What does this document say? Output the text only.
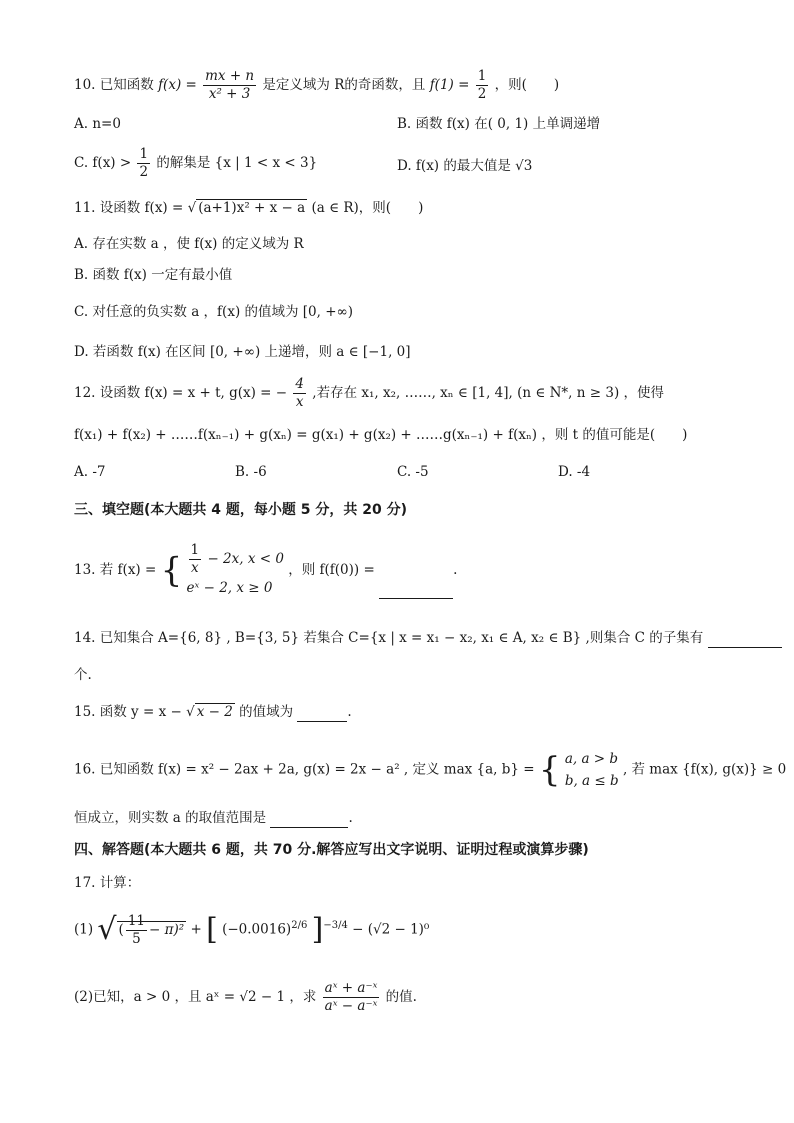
10. 已知函数 $f(x) = \frac{mx + n}{\text{x² + 3}}$ 是定义域为 R的奇函数，且 $f(1) = \frac{1}{2}$ ，则(　　)
A. n=0	B. 函数 f(x) 在( 0, 1) 上单调递增
C. $f(x) > \frac{1}{2}$ 的解集是 {x | 1 < x < 3}	D. f(x) 的最大值是 √3
11. 设函数 f(x) = √ (a+1)x² + x − a (a ∈ R)，则(　　)
A. 存在实数 a ，使 f(x) 的定义域为 R
B. 函数 f(x) 一定有最小值
C. 对任意的负实数 a ，f(x) 的值域为 [0, +∞)
D. 若函数 f(x) 在区间 [0, +∞) 上递增，则 a ∈ [−1, 0]
12. 设函数 f(x) = x + t, g(x) = − $\frac{4}{x}$ ,若存在 x₁, x₂, ……, xₙ ∈ [1, 4], (n ∈ N*, n ≥ 3) ，使得
f(x₁) + f(x₂) + ……f(xₙ₋₁) + g(xₙ) = g(x₁) + g(x₂) + ……g(xₙ₋₁) + f(xₙ) ，则 t 的值可能是(　　)
A. -7	B. -6	C. -5	D. -4
三、填空题(本大题共 4 题，每小题 5 分，共 20 分)
13. 若 f(x) = { $\frac{1}{x} - 2x$, x < 0
eˣ − 2, x ≥ 0
，则 f(f(0)) =	.
14. 已知集合 A={6, 8} , B={3, 5} 若集合 C={x | x = x₁ − x₂, x₁ ∈ A, x₂ ∈ B} ,则集合 C 的子集有
个.
15. 函数 y = x − √ x − 2 的值域为	.
16. 已知函数 f(x) = x² − 2ax + 2a, g(x) = 2x − a² , 定义 max {a, b} = { a, a > b
b, a ≤ b
, 若 max {f(x), g(x)} ≥ 0
恒成立，则实数 a 的取值范围是	.
四、解答题(本大题共 6 题，共 70 分.解答应写出文字说明、证明过程或演算步骤)
17. 计算：
(1) √ ( $\frac{11}{5} - \pi)^2$ + [ $(-0.0016)^{2/6}$ ]$^{-3/4}$ − (√2 − 1)⁰
(2)已知，a > 0 ，且 aˣ = √2 − 1 ，求 $\frac{\text{aˣ + a⁻ˣ}}{\text{aˣ − a⁻ˣ}}$ 的值.
